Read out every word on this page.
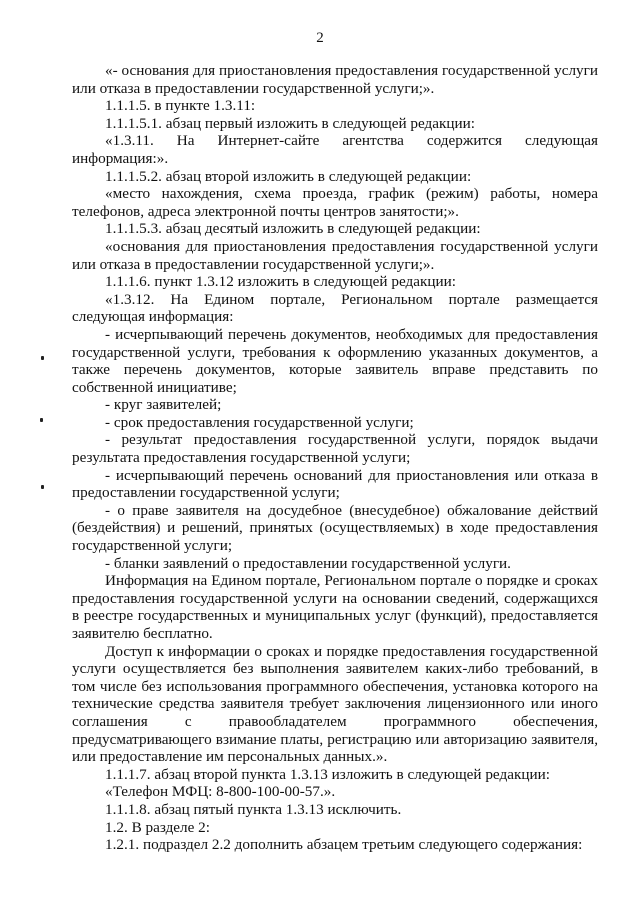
2

«- основания для приостановления предоставления государственной услуги или отказа в предоставлении государственной услуги;».

1.1.1.5. в пункте 1.3.11:

1.1.1.5.1. абзац первый изложить в следующей редакции:

«1.3.11. На Интернет-сайте агентства содержится следующая информация:».

1.1.1.5.2. абзац второй изложить в следующей редакции:

«место нахождения, схема проезда, график (режим) работы, номера телефонов, адреса электронной почты центров занятости;».

1.1.1.5.3. абзац десятый изложить в следующей редакции:

«основания для приостановления предоставления государственной услуги или отказа в предоставлении государственной услуги;».

1.1.1.6. пункт 1.3.12 изложить в следующей редакции:

«1.3.12. На Едином портале, Региональном портале размещается следующая информация:

- исчерпывающий перечень документов, необходимых для предоставления государственной услуги, требования к оформлению указанных документов, а также перечень документов, которые заявитель вправе представить по собственной инициативе;

- круг заявителей;

- срок предоставления государственной услуги;

- результат предоставления государственной услуги, порядок выдачи результата предоставления государственной услуги;

- исчерпывающий перечень оснований для приостановления или отказа в предоставлении государственной услуги;

- о праве заявителя на досудебное (внесудебное) обжалование действий (бездействия) и решений, принятых (осуществляемых) в ходе предоставления государственной услуги;

- бланки заявлений о предоставлении государственной услуги.

Информация на Едином портале, Региональном портале о порядке и сроках предоставления государственной услуги на основании сведений, содержащихся в реестре государственных и муниципальных услуг (функций), предоставляется заявителю бесплатно.

Доступ к информации о сроках и порядке предоставления государственной услуги осуществляется без выполнения заявителем каких-либо требований, в том числе без использования программного обеспечения, установка которого на технические средства заявителя требует заключения лицензионного или иного соглашения с правообладателем программного обеспечения, предусматривающего взимание платы, регистрацию или авторизацию заявителя, или предоставление им персональных данных.».

1.1.1.7. абзац второй пункта 1.3.13 изложить в следующей редакции:

«Телефон МФЦ: 8-800-100-00-57.».

1.1.1.8. абзац пятый пункта 1.3.13 исключить.

1.2. В разделе 2:

1.2.1. подраздел 2.2 дополнить абзацем третьим следующего содержания:
